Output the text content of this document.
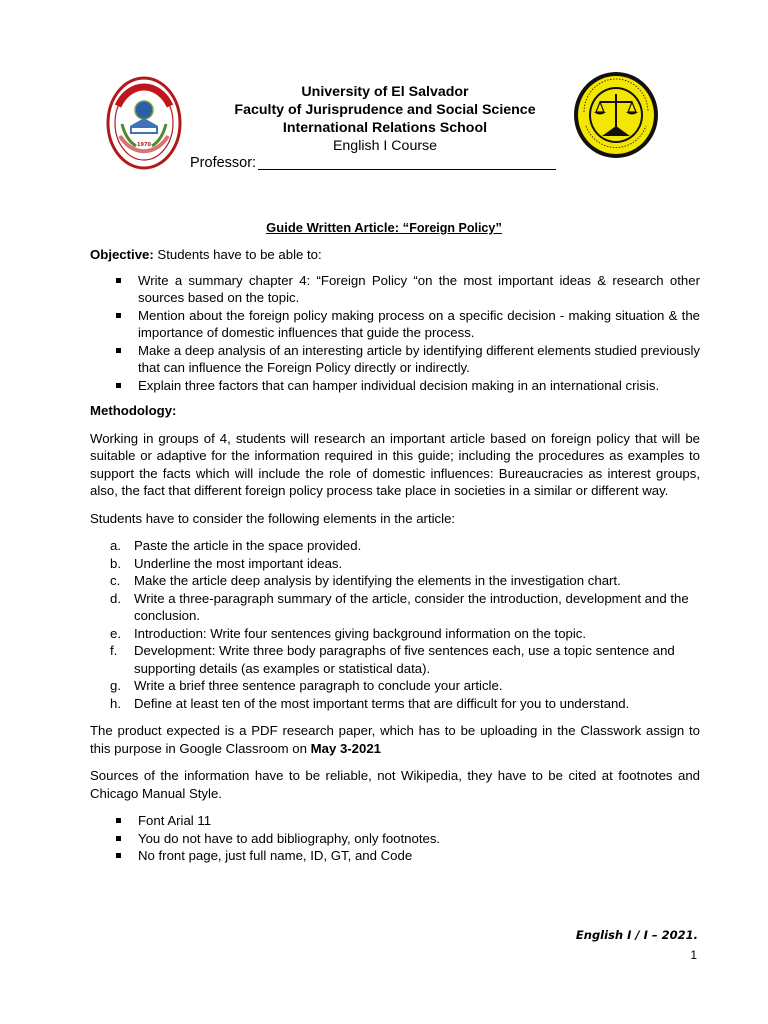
1970
University of El Salvador
Faculty of Jurisprudence and Social Science
International Relations School
English I Course
Professor:
Guide Written Article: “Foreign Policy”

Objective: Students have to be able to:

Write a summary chapter 4: “Foreign Policy “on the most important ideas & research other sources based on the topic.
Mention about the foreign policy making process on a specific decision - making situation & the importance of domestic influences that guide the process.
Make a deep analysis of an interesting article by identifying different elements studied previously that can influence the Foreign Policy directly or indirectly.
Explain three factors that can hamper individual decision making in an international crisis.

Methodology:

Working in groups of 4, students will research an important article based on foreign policy that will be suitable or adaptive for the information required in this guide; including the procedures as examples to support the facts which will include the role of domestic influences: Bureaucracies as interest groups, also, the fact that different foreign policy process take place in societies in a similar or different way.

Students have to consider the following elements in the article:

a. Paste the article in the space provided.
b. Underline the most important ideas.
c. Make the article deep analysis by identifying the elements in the investigation chart.
d. Write a three-paragraph summary of the article, consider the introduction, development and the conclusion.
e. Introduction: Write four sentences giving background information on the topic.
f. Development: Write three body paragraphs of five sentences each, use a topic sentence and supporting details (as examples or statistical data).
g. Write a brief three sentence paragraph to conclude your article.
h. Define at least ten of the most important terms that are difficult for you to understand.

The product expected is a PDF research paper, which has to be uploading in the Classwork assign to this purpose in Google Classroom on May 3-2021

Sources of the information have to be reliable, not Wikipedia, they have to be cited at footnotes and Chicago Manual Style.

Font Arial 11
You do not have to add bibliography, only footnotes.
No front page, just full name, ID, GT, and Code
English I / I – 2021.
1
